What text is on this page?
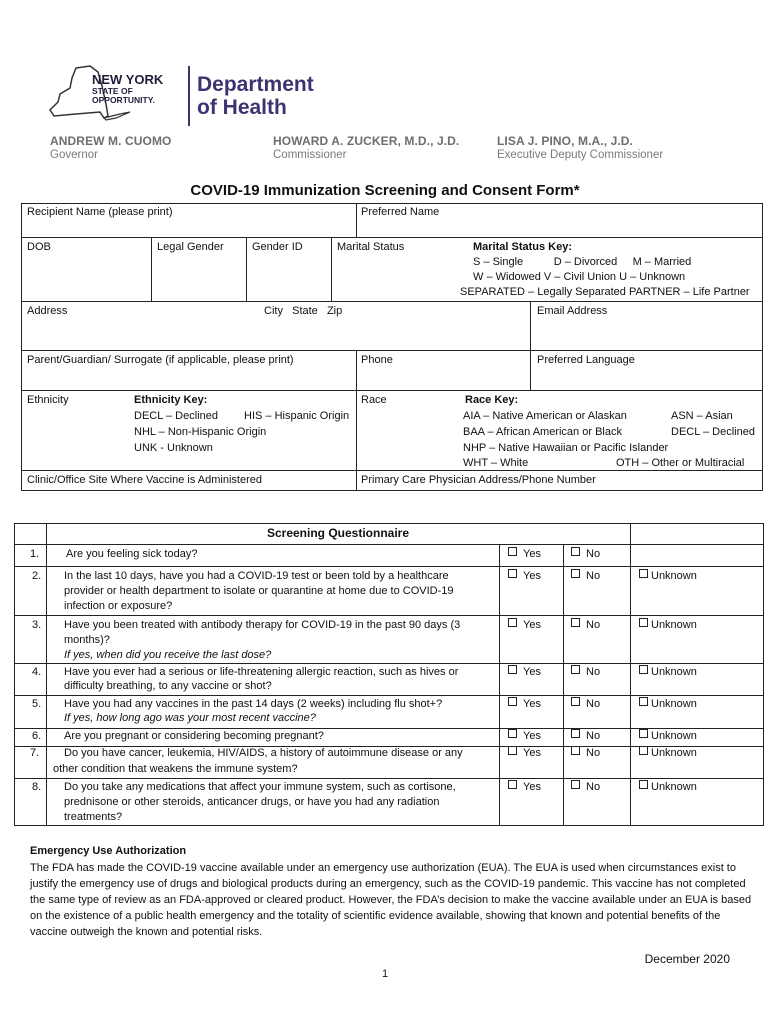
NEW YORK
STATE OF
OPPORTUNITY.
Department
of Health
ANDREW M. CUOMO
Governor
HOWARD A. ZUCKER, M.D., J.D.
Commissioner
LISA J. PINO, M.A., J.D.
Executive Deputy Commissioner
COVID-19 Immunization Screening and Consent Form*
Recipient Name (please print)	Preferred Name
DOB	Legal Gender	Gender ID	Marital Status	Marital Status Key:
S – Single          D – Divorced     M – Married
W – Widowed V – Civil Union U – Unknown
SEPARATED – Legally Separated PARTNER – Life Partner
Address	City   State   Zip	Email Address
Parent/Guardian/ Surrogate (if applicable, please print)	Phone	Preferred Language
Ethnicity	Ethnicity Key:
DECL – Declined HIS – Hispanic Origin
NHL – Non-Hispanic Origin
UNK - Unknown
Race	Race Key:
AIA – Native American or Alaskan	ASN – Asian
BAA – African American or Black	DECL – Declined
NHP – Native Hawaiian or Pacific Islander
WHT – White	OTH – Other or Multiracial
Clinic/Office Site Where Vaccine is Administered	Primary Care Physician Address/Phone Number
Screening Questionnaire
1. Are you feeling sick today?	Yes	No
2. In the last 10 days, have you had a COVID-19 test or been told by a healthcare
provider or health department to isolate or quarantine at home due to COVID-19
infection or exposure?
Yes	No	Unknown
3. Have you been treated with antibody therapy for COVID-19 in the past 90 days (3
months)?
If yes, when did you receive the last dose?
Yes	No	Unknown
4. Have you ever had a serious or life-threatening allergic reaction, such as hives or
difficulty breathing, to any vaccine or shot?
Yes	No	Unknown
5. Have you had any vaccines in the past 14 days (2 weeks) including flu shot+?
If yes, how long ago was your most recent vaccine?
Yes	No	Unknown
6. Are you pregnant or considering becoming pregnant?	Yes	No	Unknown
7. Do you have cancer, leukemia, HIV/AIDS, a history of autoimmune disease or any
other condition that weakens the immune system?
Yes	No	Unknown
8. Do you take any medications that affect your immune system, such as cortisone,
prednisone or other steroids, anticancer drugs, or have you had any radiation
treatments?
Yes	No	Unknown
Emergency Use Authorization
The FDA has made the COVID-19 vaccine available under an emergency use authorization (EUA). The EUA is used when circumstances exist to justify the emergency use of drugs and biological products during an emergency, such as the COVID-19 pandemic. This vaccine has not completed the same type of review as an FDA-approved or cleared product. However, the FDA’s decision to make the vaccine available under an EUA is based on the existence of a public health emergency and the totality of scientific evidence available, showing that known and potential benefits of the vaccine outweigh the known and potential risks.
December 2020
1
